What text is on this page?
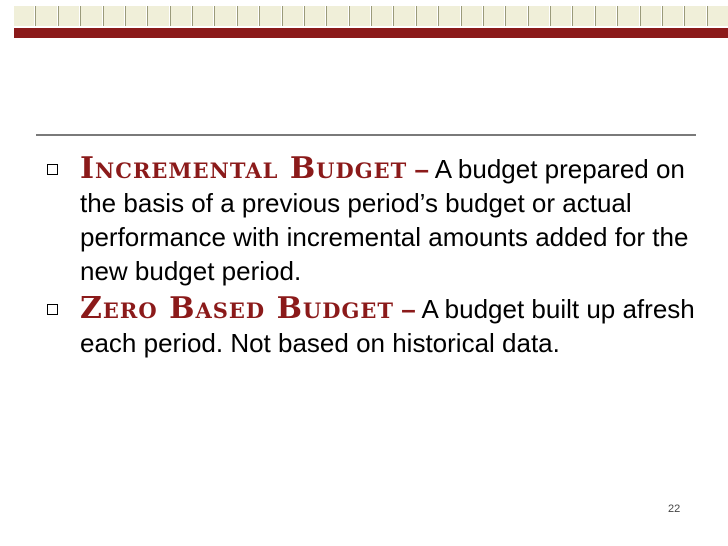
Incremental Budget – A budget prepared on the basis of a previous period’s budget or actual performance with incremental amounts added for the new budget period.
Zero Based Budget – A budget built up afresh each period. Not based on historical data.
22
